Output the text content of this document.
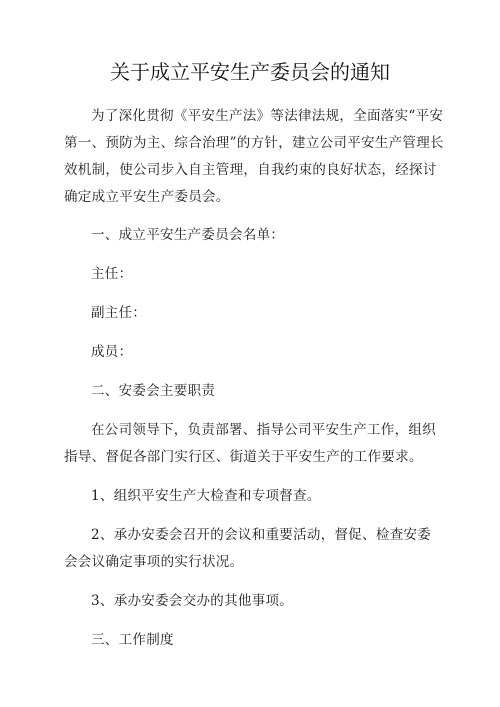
关于成立平安生产委员会的通知

为了深化贯彻《平安生产法》等法律法规，全面落实“平安第一、预防为主、综合治理”的方针，建立公司平安生产管理长效机制，使公司步入自主管理，自我约束的良好状态，经探讨确定成立平安生产委员会。

一、成立平安生产委员会名单：

主任：

副主任：

成员：

二、安委会主要职责

在公司领导下，负责部署、指导公司平安生产工作，组织指导、督促各部门实行区、街道关于平安生产的工作要求。

1、组织平安生产大检查和专项督查。

2、承办安委会召开的会议和重要活动，督促、检查安委会会议确定事项的实行状况。

3、承办安委会交办的其他事项。

三、工作制度
